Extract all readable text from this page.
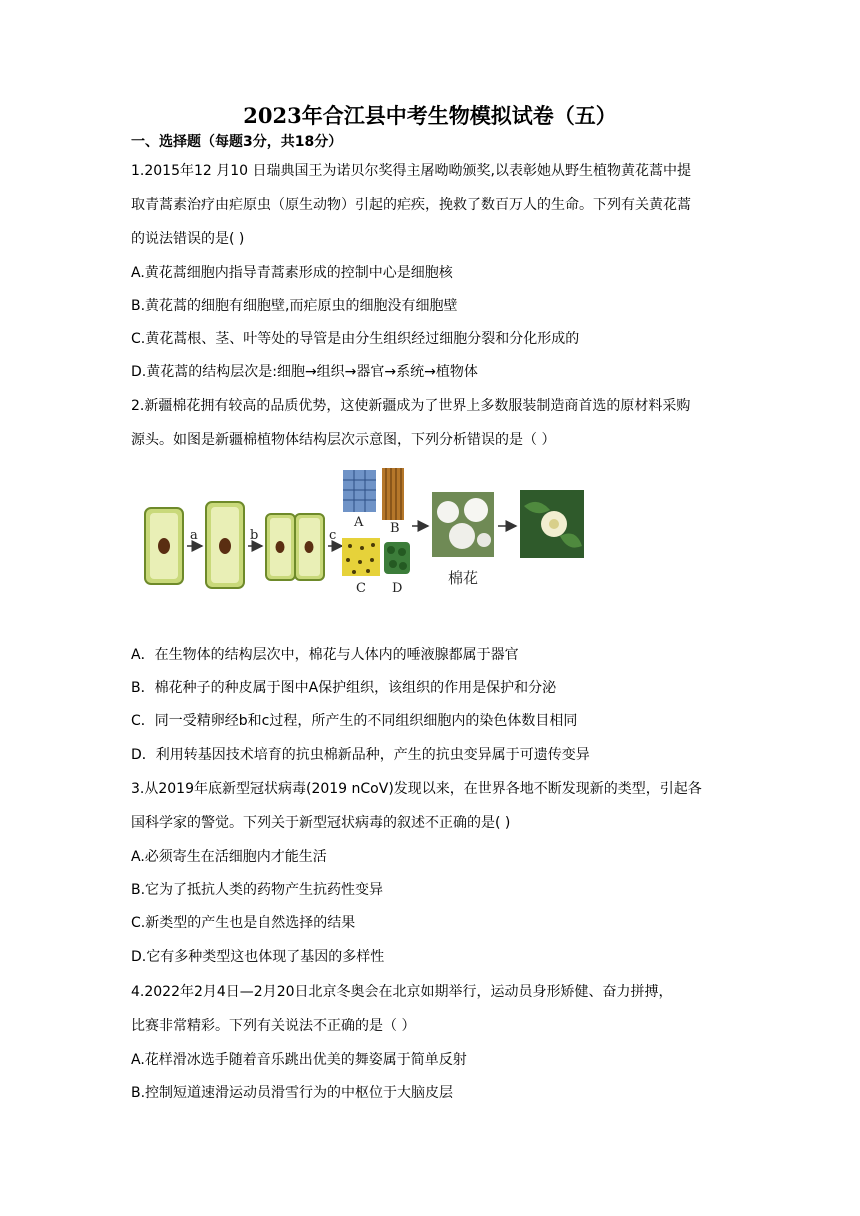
2023年合江县中考生物模拟试卷（五）
一、选择题（每题3分，共18分）
1.2015年12 月10 日瑞典国王为诺贝尔奖得主屠呦呦颁奖,以表彰她从野生植物黄花蒿中提
取青蒿素治疗由疟原虫（原生动物）引起的疟疾，挽救了数百万人的生命。下列有关黄花蒿
的说法错误的是( )
A.黄花蒿细胞内指导青蒿素形成的控制中心是细胞核
B.黄花蒿的细胞有细胞壁,而疟原虫的细胞没有细胞壁
C.黄花蒿根、茎、叶等处的导管是由分生组织经过细胞分裂和分化形成的
D.黄花蒿的结构层次是:细胞→组织→器官→系统→植物体
2.新疆棉花拥有较高的品质优势，这使新疆成为了世界上多数服装制造商首选的原材料采购
源头。如图是新疆棉植物体结构层次示意图，下列分析错误的是（ ）
a	b	c
A B
C D
棉花
A．在生物体的结构层次中，棉花与人体内的唾液腺都属于器官
B．棉花种子的种皮属于图中A保护组织，该组织的作用是保护和分泌
C．同一受精卵经b和c过程，所产生的不同组织细胞内的染色体数目相同
D．利用转基因技术培育的抗虫棉新品种，产生的抗虫变异属于可遗传变异
3.从2019年底新型冠状病毒(2019 nCoV)发现以来，在世界各地不断发现新的类型，引起各
国科学家的警觉。下列关于新型冠状病毒的叙述不正确的是( )
A.必须寄生在活细胞内才能生活
B.它为了抵抗人类的药物产生抗药性变异
C.新类型的产生也是自然选择的结果
D.它有多种类型这也体现了基因的多样性
4.2022年2月4日—2月20日北京冬奥会在北京如期举行，运动员身形矫健、奋力拼搏，
比赛非常精彩。下列有关说法不正确的是（ ）
A.花样滑冰选手随着音乐跳出优美的舞姿属于简单反射
B.控制短道速滑运动员滑雪行为的中枢位于大脑皮层
